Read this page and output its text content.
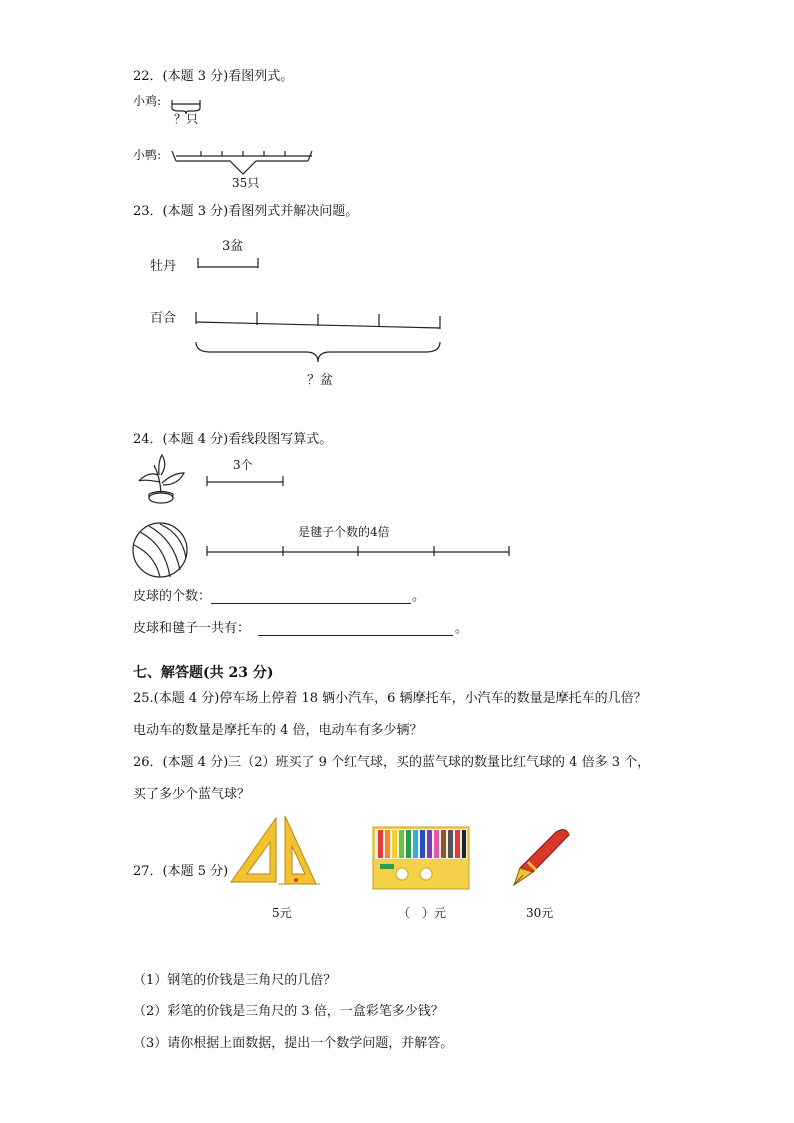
22．(本题 3 分)看图列式。
小鸡:
？只
小鸭:
35只
23．(本题 3 分)看图列式并解决问题。
牡丹
3盆
百合
？盆
24．(本题 4 分)看线段图写算式。
3个
是毽子个数的4倍
皮球的个数：	。
皮球和毽子一共有：	。
七、解答题(共 23 分)
25.(本题 4 分)停车场上停着 18 辆小汽车，6 辆摩托车，小汽车的数量是摩托车的几倍？
电动车的数量是摩托车的 4 倍，电动车有多少辆？
26．(本题 4 分)三（2）班买了 9 个红气球，买的蓝气球的数量比红气球的 4 倍多 3 个，
买了多少个蓝气球？
27．(本题 5 分)
5元	（　）元	30元
（1）钢笔的价钱是三角尺的几倍？
（2）彩笔的价钱是三角尺的 3 倍，一盒彩笔多少钱？
（3）请你根据上面数据，提出一个数学问题，并解答。
